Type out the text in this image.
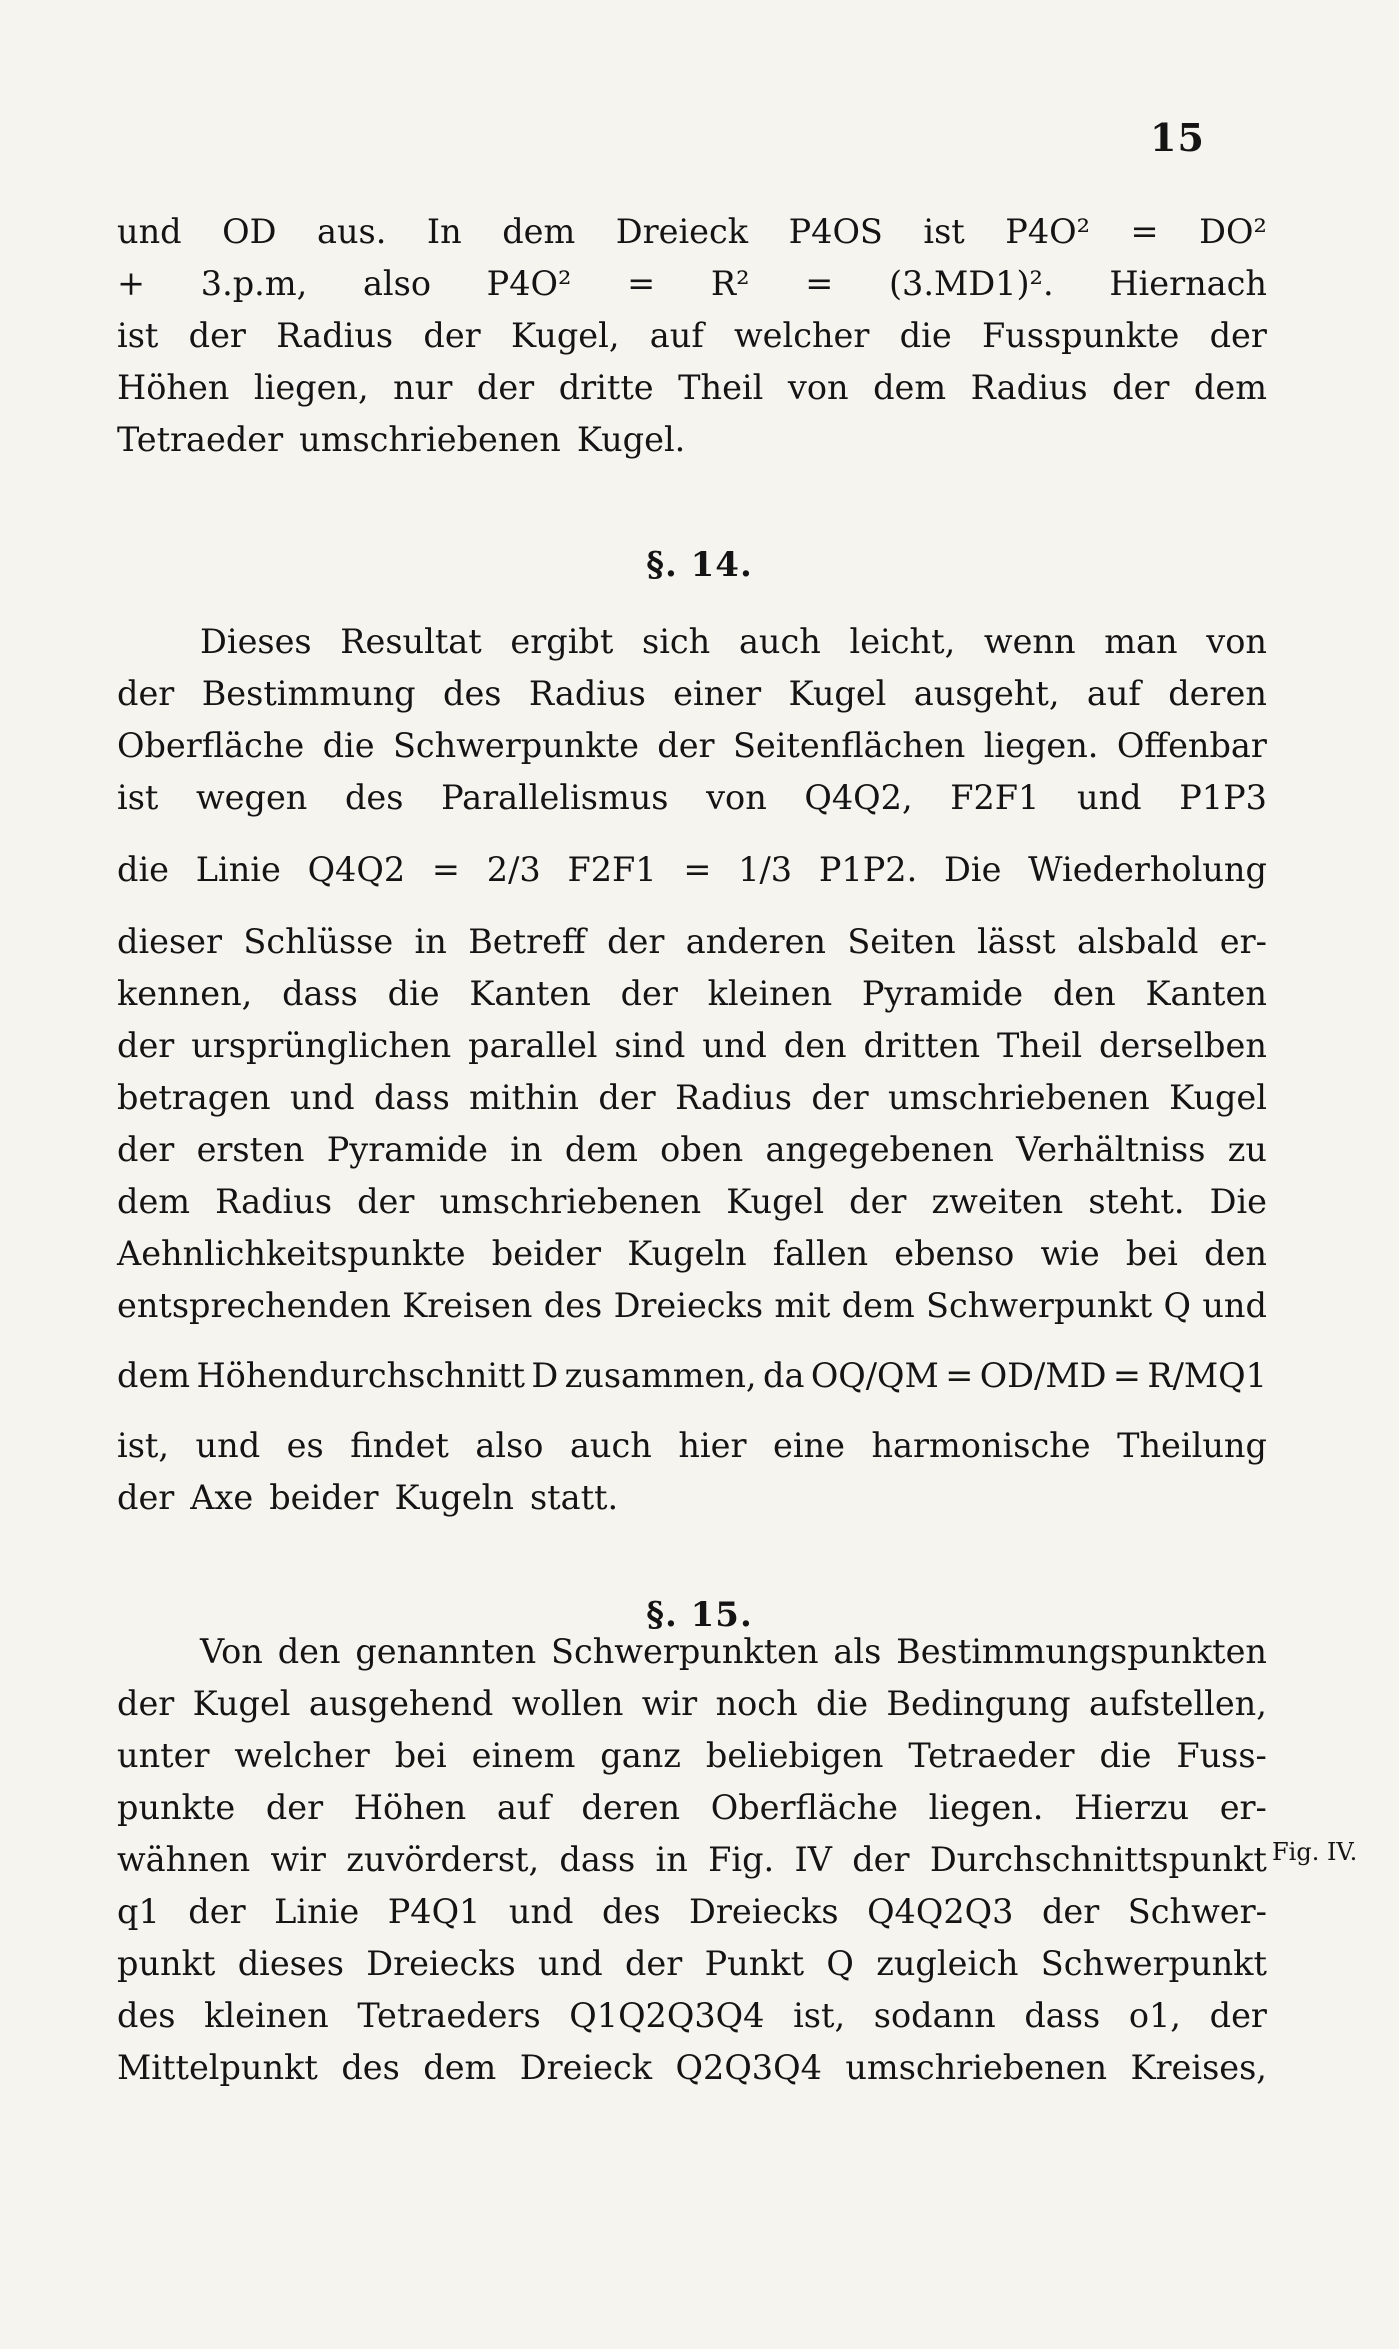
15
und OD aus. In dem Dreieck P4OS ist P4O² = DO²
+ 3.p.m, also P4O² = R² = (3.MD1)². Hiernach
ist der Radius der Kugel, auf welcher die Fusspunkte der
Höhen liegen, nur der dritte Theil von dem Radius der dem
Tetraeder umschriebenen Kugel.
§. 14.
Dieses Resultat ergibt sich auch leicht, wenn man von
der Bestimmung des Radius einer Kugel ausgeht, auf deren
Oberfläche die Schwerpunkte der Seitenflächen liegen. Offenbar
ist wegen des Parallelismus von Q4Q2, F2F1 und P1P3
die Linie Q4Q2 = 2/3 F2F1 = 1/3 P1P2. Die Wiederholung
dieser Schlüsse in Betreff der anderen Seiten lässt alsbald er-
kennen, dass die Kanten der kleinen Pyramide den Kanten
der ursprünglichen parallel sind und den dritten Theil derselben
betragen und dass mithin der Radius der umschriebenen Kugel
der ersten Pyramide in dem oben angegebenen Verhältniss zu
dem Radius der umschriebenen Kugel der zweiten steht. Die
Aehnlichkeitspunkte beider Kugeln fallen ebenso wie bei den
entsprechenden Kreisen des Dreiecks mit dem Schwerpunkt Q und
dem Höhendurchschnitt D zusammen, da OQ/QM = OD/MD = R/MQ1
ist, und es findet also auch hier eine harmonische Theilung
der Axe beider Kugeln statt.
§. 15.
Von den genannten Schwerpunkten als Bestimmungspunkten
der Kugel ausgehend wollen wir noch die Bedingung aufstellen,
unter welcher bei einem ganz beliebigen Tetraeder die Fuss-
punkte der Höhen auf deren Oberfläche liegen. Hierzu er-
wähnen wir zuvörderst, dass in Fig. IV der Durchschnittspunkt
q1 der Linie P4Q1 und des Dreiecks Q4Q2Q3 der Schwer-
punkt dieses Dreiecks und der Punkt Q zugleich Schwerpunkt
des kleinen Tetraeders Q1Q2Q3Q4 ist, sodann dass o1, der
Mittelpunkt des dem Dreieck Q2Q3Q4 umschriebenen Kreises,
Fig. IV.
